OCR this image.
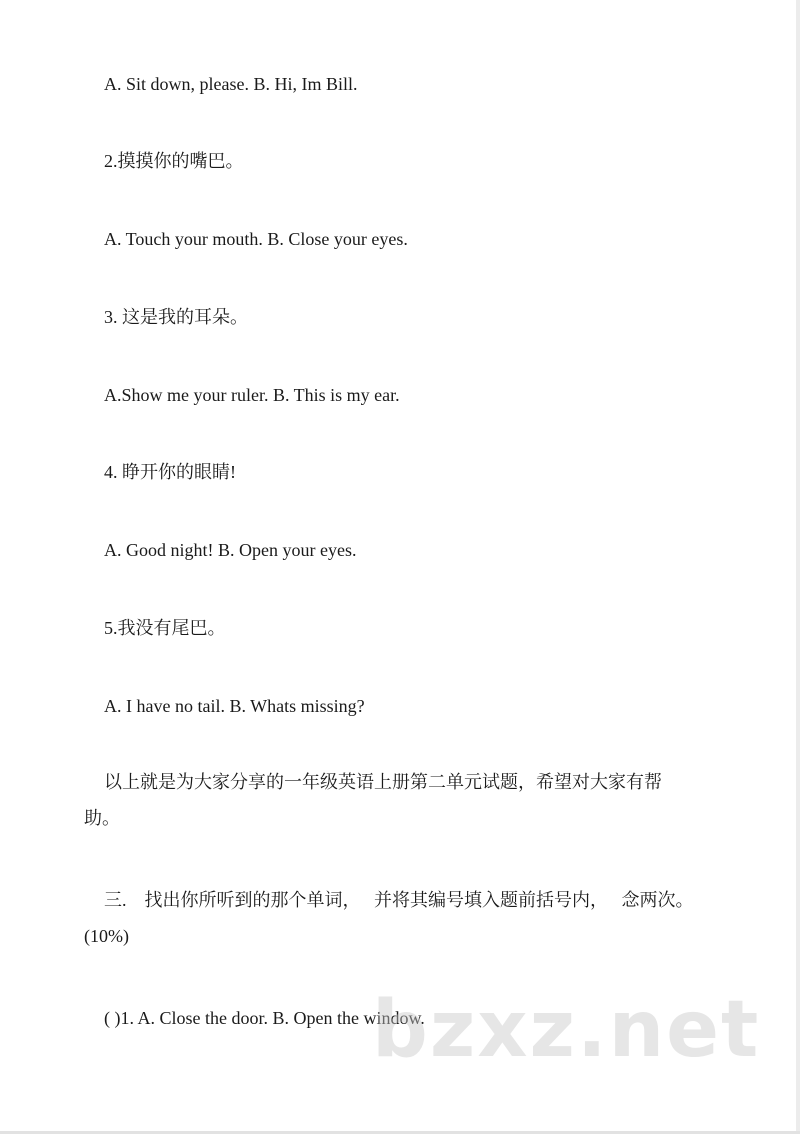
A. Sit down, please. B. Hi, Im Bill.
2.摸摸你的嘴巴。
A. Touch your mouth. B. Close your eyes.
3. 这是我的耳朵。
A.Show me your ruler. B. This is my ear.
4. 睁开你的眼睛!
A. Good night! B. Open your eyes.
5.我没有尾巴。
A. I have no tail. B. Whats missing?
以上就是为大家分享的一年级英语上册第二单元试题，希望对大家有帮
助。
三.    找出你所听到的那个单词，   并将其编号填入题前括号内，   念两次。
(10%)
( )1. A. Close the door. B. Open the window.
bzxz.net
